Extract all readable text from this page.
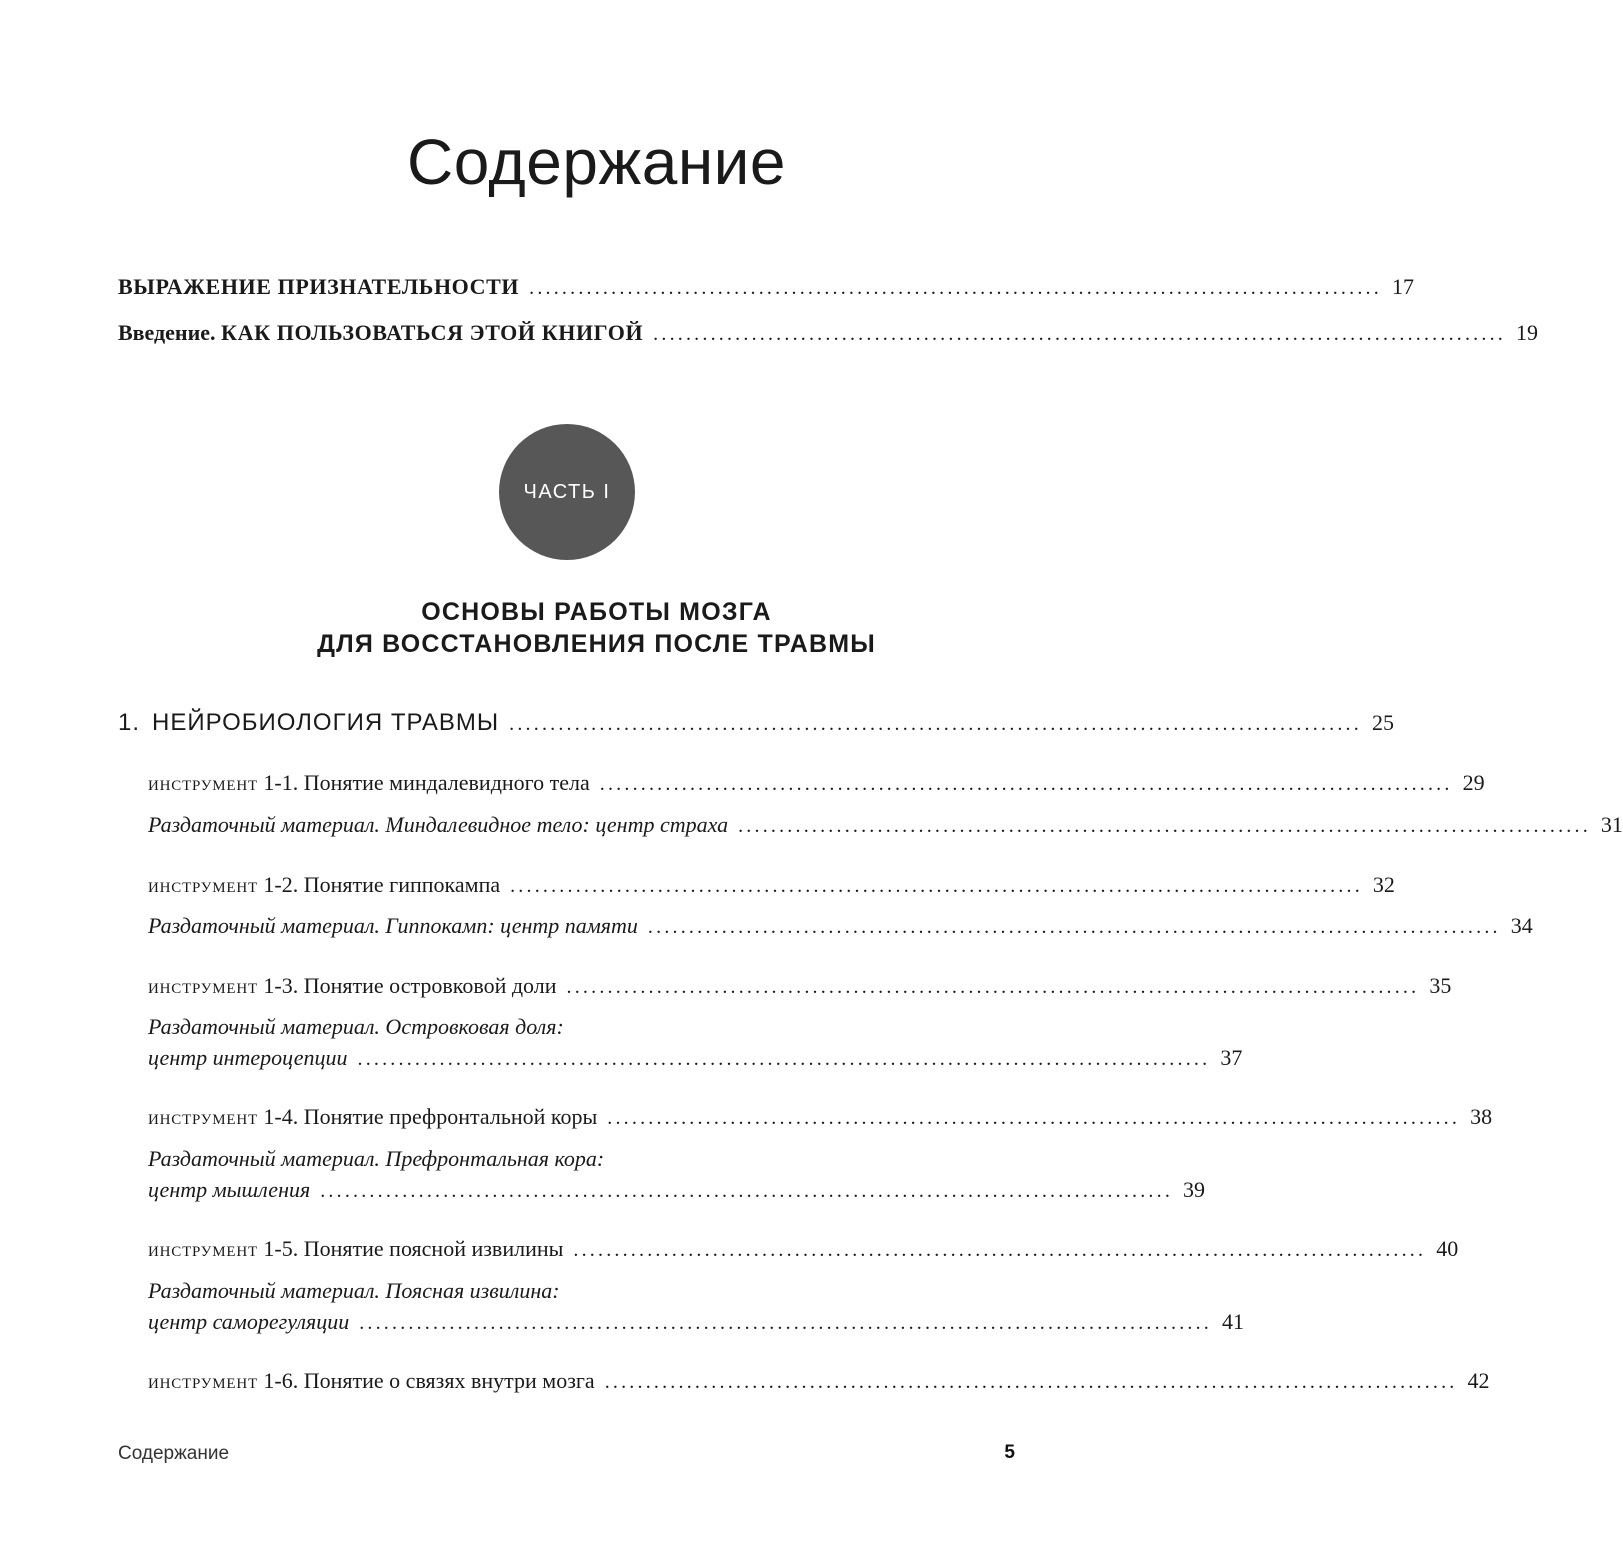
Содержание
ВЫРАЖЕНИЕ ПРИЗНАТЕЛЬНОСТИ ........................................................................................................ 17
Введение. КАК ПОЛЬЗОВАТЬСЯ ЭТОЙ КНИГОЙ ........................................................................................................ 19
ЧАСТЬ I
ОСНОВЫ РАБОТЫ МОЗГА
ДЛЯ ВОССТАНОВЛЕНИЯ ПОСЛЕ ТРАВМЫ
1. НЕЙРОБИОЛОГИЯ ТРАВМЫ ........................................................................................................ 25
ИНСТРУМЕНТ 1-1. Понятие миндалевидного тела ........................................................................................................ 29
Раздаточный материал. Миндалевидное тело: центр страха ........................................................................................................ 31
ИНСТРУМЕНТ 1-2. Понятие гиппокампа ........................................................................................................ 32
Раздаточный материал. Гиппокамп: центр памяти ........................................................................................................ 34
ИНСТРУМЕНТ 1-3. Понятие островковой доли ........................................................................................................ 35
Раздаточный материал. Островковая доля:
центр интероцепции ........................................................................................................ 37
ИНСТРУМЕНТ 1-4. Понятие префронтальной коры ........................................................................................................ 38
Раздаточный материал. Префронтальная кора:
центр мышления ........................................................................................................ 39
ИНСТРУМЕНТ 1-5. Понятие поясной извилины ........................................................................................................ 40
Раздаточный материал. Поясная извилина:
центр саморегуляции ........................................................................................................ 41
ИНСТРУМЕНТ 1-6. Понятие о связях внутри мозга ........................................................................................................ 42
Содержание	5
